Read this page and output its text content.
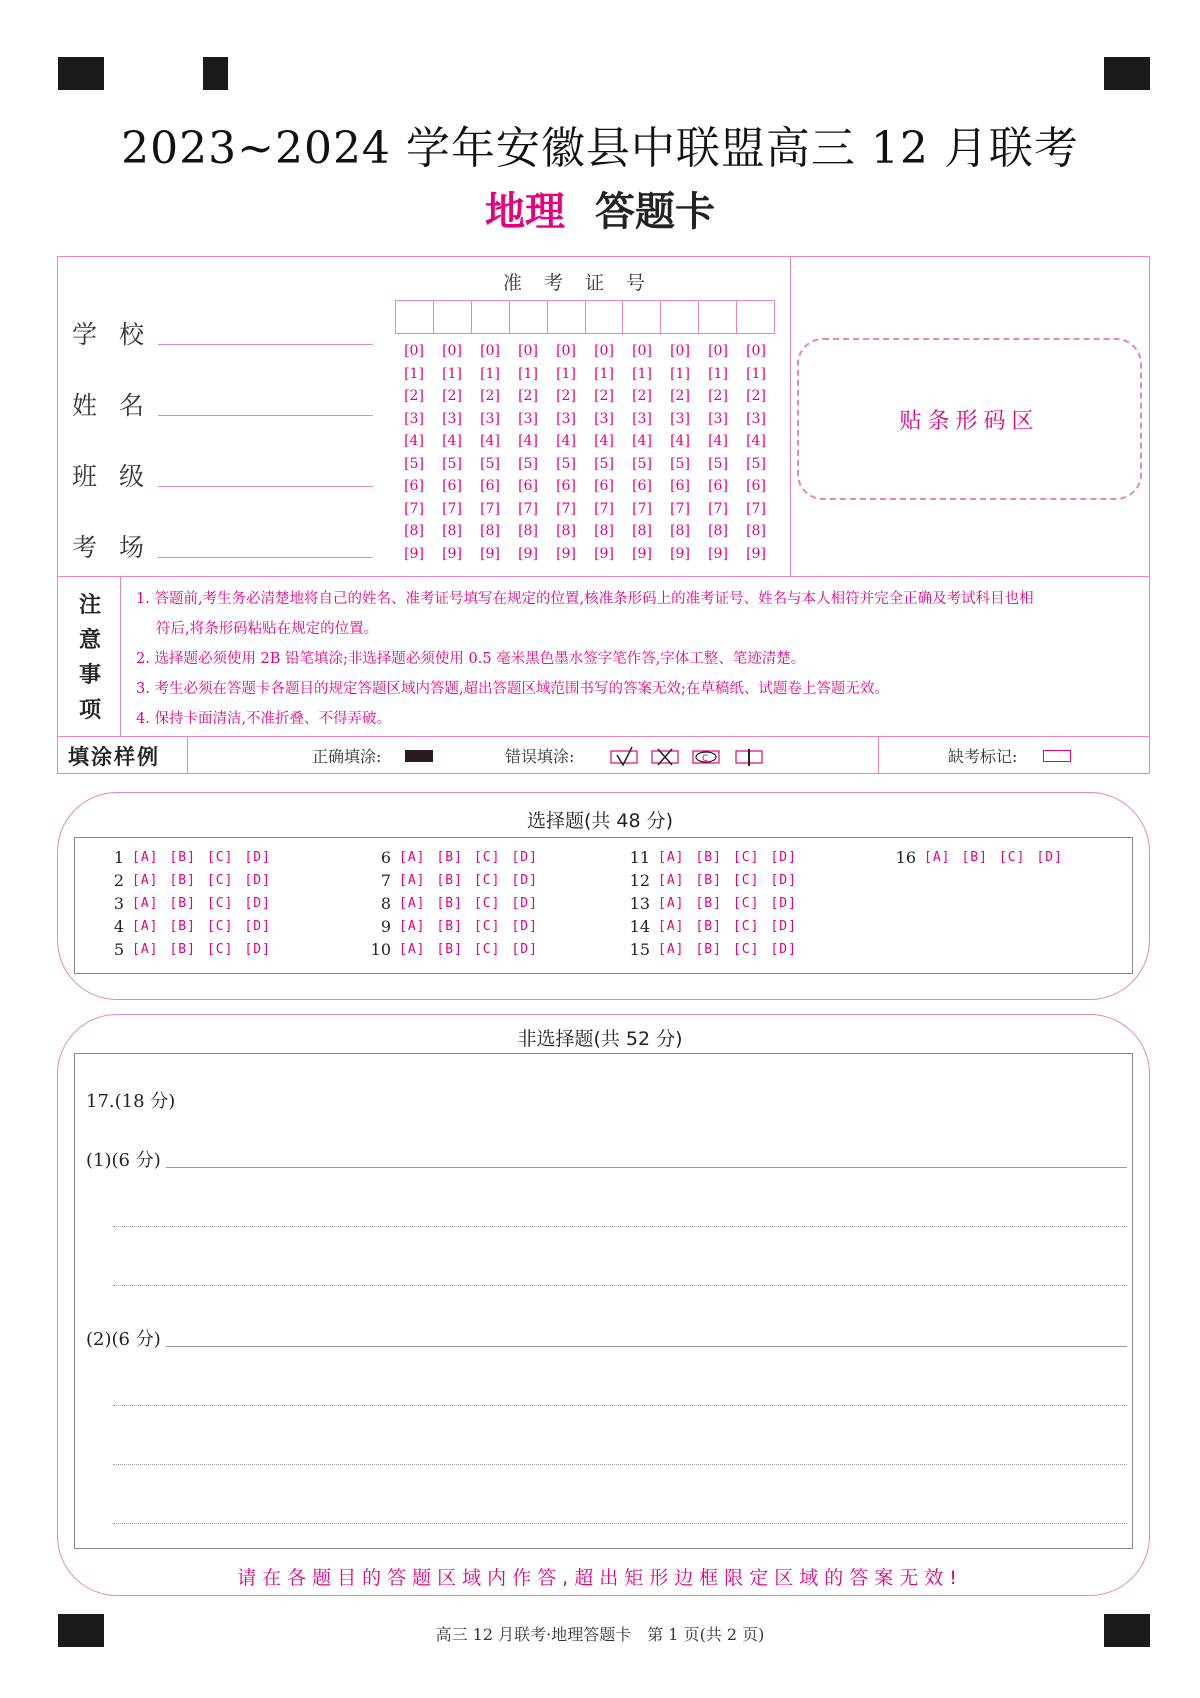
2023~2024 学年安徽县中联盟高三 12 月联考
地理 答题卡
学校
姓名
班级
考场
准考证号
[0]	[0]	[0]	[0]	[0]	[0]	[0]	[0]	[0]	[0]
[1]	[1]	[1]	[1]	[1]	[1]	[1]	[1]	[1]	[1]
[2]	[2]	[2]	[2]	[2]	[2]	[2]	[2]	[2]	[2]
[3]	[3]	[3]	[3]	[3]	[3]	[3]	[3]	[3]	[3]
[4]	[4]	[4]	[4]	[4]	[4]	[4]	[4]	[4]	[4]
[5]	[5]	[5]	[5]	[5]	[5]	[5]	[5]	[5]	[5]
[6]	[6]	[6]	[6]	[6]	[6]	[6]	[6]	[6]	[6]
[7]	[7]	[7]	[7]	[7]	[7]	[7]	[7]	[7]	[7]
[8]	[8]	[8]	[8]	[8]	[8]	[8]	[8]	[8]	[8]
[9]	[9]	[9]	[9]	[9]	[9]	[9]	[9]	[9]	[9]
贴条形码区
注意事项

1. 答题前,考生务必清楚地将自己的姓名、准考证号填写在规定的位置,核准条形码上的准考证号、姓名与本人相符并完全正确及考试科目也相

符后,将条形码粘贴在规定的位置。

2. 选择题必须使用 2B 铅笔填涂;非选择题必须使用 0.5 毫米黑色墨水签字笔作答,字体工整、笔迹清楚。

3. 考生必须在答题卡各题目的规定答题区域内答题,超出答题区域范围书写的答案无效;在草稿纸、试题卷上答题无效。

4. 保持卡面清洁,不准折叠、不得弄破。

填涂样例	正确填涂:	错误填涂:	C	缺考标记:
选择题(共 48 分)
1 [A] [B] [C] [D]
2 [A] [B] [C] [D]
3 [A] [B] [C] [D]
4 [A] [B] [C] [D]
5 [A] [B] [C] [D]
6 [A] [B] [C] [D]
7 [A] [B] [C] [D]
8 [A] [B] [C] [D]
9 [A] [B] [C] [D]
10 [A] [B] [C] [D]
11 [A] [B] [C] [D]
12 [A] [B] [C] [D]
13 [A] [B] [C] [D]
14 [A] [B] [C] [D]
15 [A] [B] [C] [D]
16 [A] [B] [C] [D]
非选择题(共 52 分)
17.(18 分)
(1)(6 分)
(2)(6 分)
请在各题目的答题区域内作答,超出矩形边框限定区域的答案无效!
高三 12 月联考·地理答题卡　第 1 页(共 2 页)
